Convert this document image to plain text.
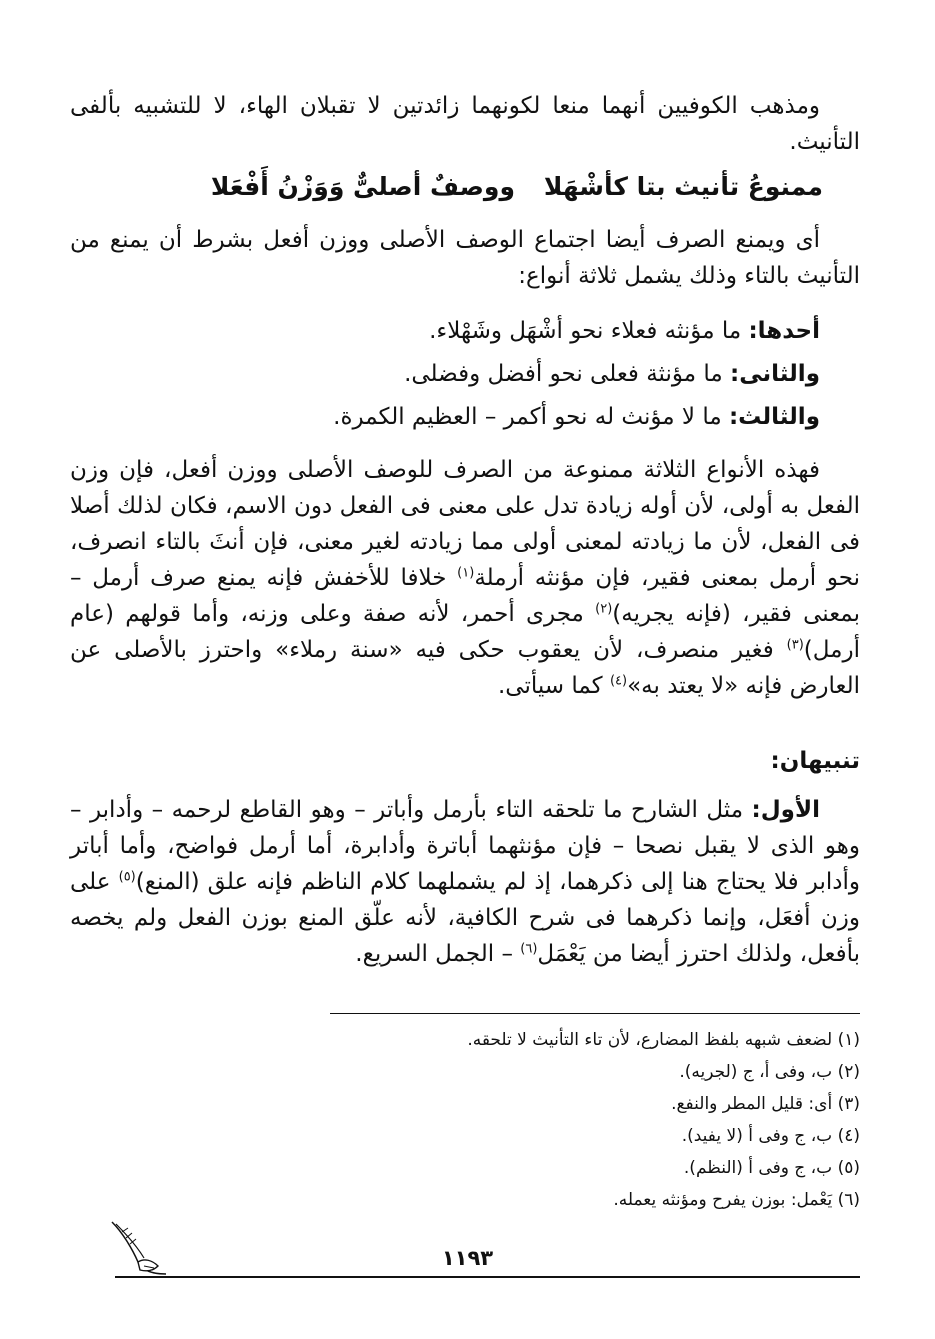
ومذهب الكوفيين أنهما منعا لكونهما زائدتين لا تقبلان الهاء، لا للتشبيه بألفى التأنيث.

ووصفٌ أصلىٌّ وَوَزْنُ أَفْعَلا ممنوعُ تأنيث بتا كأشْهَلا

أى ويمنع الصرف أيضا اجتماع الوصف الأصلى ووزن أفعل بشرط أن يمنع من التأنيث بالتاء وذلك يشمل ثلاثة أنواع:

أحدها: ما مؤنثه فعلاء نحو أشْهَل وشَهْلاء.

والثانى: ما مؤنثة فعلى نحو أفضل وفضلى.

والثالث: ما لا مؤنث له نحو أكمر – العظيم الكمرة.

فهذه الأنواع الثلاثة ممنوعة من الصرف للوصف الأصلى ووزن أفعل، فإن وزن الفعل به أولى، لأن أوله زيادة تدل على معنى فى الفعل دون الاسم، فكان لذلك أصلا فى الفعل، لأن ما زيادته لمعنى أولى مما زيادته لغير معنى، فإن أنثَ بالتاء انصرف، نحو أرمل بمعنى فقير، فإن مؤنثه أرملة$^{(١)}$ خلافا للأخفش فإنه يمنع صرف أرمل – بمعنى فقير، (فإنه يجريه)$^{(٢)}$ مجرى أحمر، لأنه صفة وعلى وزنه، وأما قولهم (عام أرمل)$^{(٣)}$ فغير منصرف، لأن يعقوب حكى فيه «سنة رملاء» واحترز بالأصلى عن العارض فإنه «لا يعتد به»$^{(٤)}$ كما سيأتى.

تنبيهان:

الأول: مثل الشارح ما تلحقه التاء بأرمل وأباتر – وهو القاطع لرحمه – وأدابر – وهو الذى لا يقبل نصحا – فإن مؤنثهما أباترة وأدابرة، أما أرمل فواضح، وأما أباتر وأدابر فلا يحتاج هنا إلى ذكرهما، إذ لم يشملهما كلام الناظم فإنه علق (المنع)$^{(٥)}$ على وزن أفعَل، وإنما ذكرهما فى شرح الكافية، لأنه علّق المنع بوزن الفعل ولم يخصه بأفعل، ولذلك احترز أيضا من يَعْمَل$^{(٦)}$ – الجمل السريع.

(١) لضعف شبهه بلفظ المضارع، لأن تاء التأنيث لا تلحقه.

(٢) ب، وفى أ، ج (لجريه).

(٣) أى: قليل المطر والنفع.

(٤) ب، ج وفى أ (لا يفيد).

(٥) ب، ج وفى أ (النظم).

(٦) يَعْمل: بوزن يفرح ومؤنثه يعمله.

١١٩٣
